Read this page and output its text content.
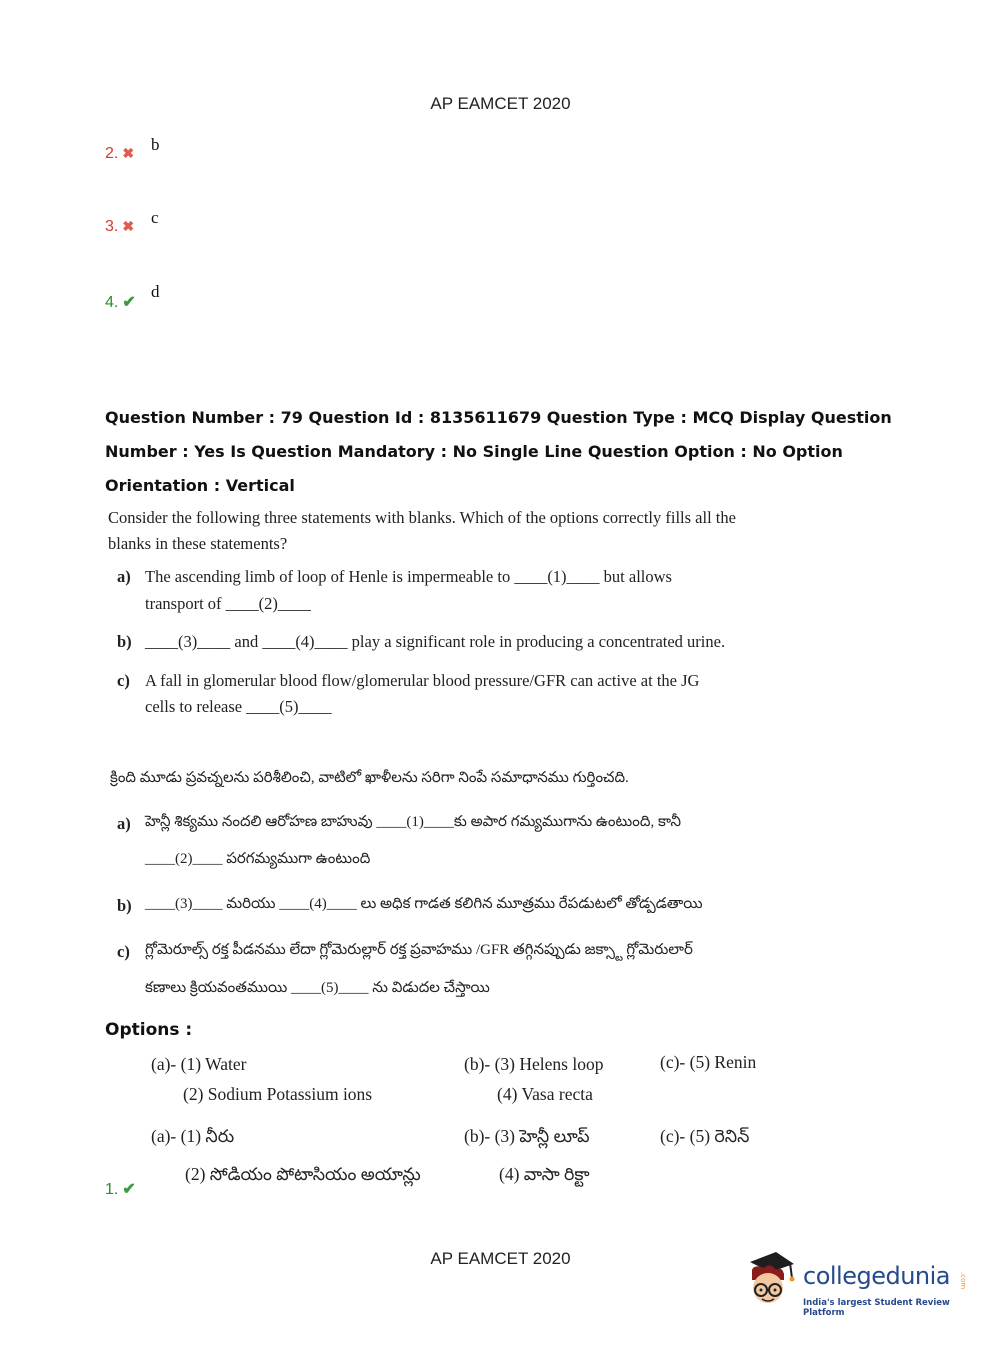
AP EAMCET 2020
2. ✖ b
3. ✖ c
4. ✔
d
Question Number : 79 Question Id : 8135611679 Question Type : MCQ Display Question
Number : Yes Is Question Mandatory : No Single Line Question Option : No Option
Orientation : Vertical
Consider the following three statements with blanks. Which of the options correctly fills all the
blanks in these statements?
a) The ascending limb of loop of Henle is impermeable to ____(1)____ but allows
transport of ____(2)____
b) ____(3)____ and ____(4)____ play a significant role in producing a concentrated urine.
c) A fall in glomerular blood flow/glomerular blood pressure/GFR can active at the JG
cells to release ____(5)____
క్రింది మూడు ప్రవచ్నలను పరిశీలించి, వాటిలో ఖాళీలను సరిగా నింపే సమాధానము గుర్తించది.
a) హెన్లీ శిక్యము నందలి ఆరోహణ బాహువు ____(1)____కు అపార గమ్యముగాను ఉంటుంది, కానీ
____(2)____ పరగమ్యముగా ఉంటుంది
b) ____(3)____ మరియు ____(4)____ లు అధిక గాడత కలిగిన మూత్రము రేపడుటలో తోడ్పడతాయి
c) గ్లోమెరూల్స్ రక్త పీడనము లేదా గ్లోమెరుల్లార్ రక్త ప్రవాహము /GFR తగ్గినప్పుడు జక్స్టా గ్లోమెరులార్
కణాలు క్రియవంతముయి ____(5)____ ను విడుదల చేస్తాయి
Options :
(a)- (1) Water
(2) Sodium Potassium ions
(b)- (3) Helens loop
(4) Vasa recta
(c)- (5) Renin
(a)- (1) నీరు
(2) సోడియం పోటాసియం అయాన్లు
(b)- (3) హెన్లీ లూప్
(4) వాసా రిక్టా
(c)- (5) రెనిన్
1. ✔
AP EAMCET 2020
collegedunia .com
India's largest Student Review Platform
